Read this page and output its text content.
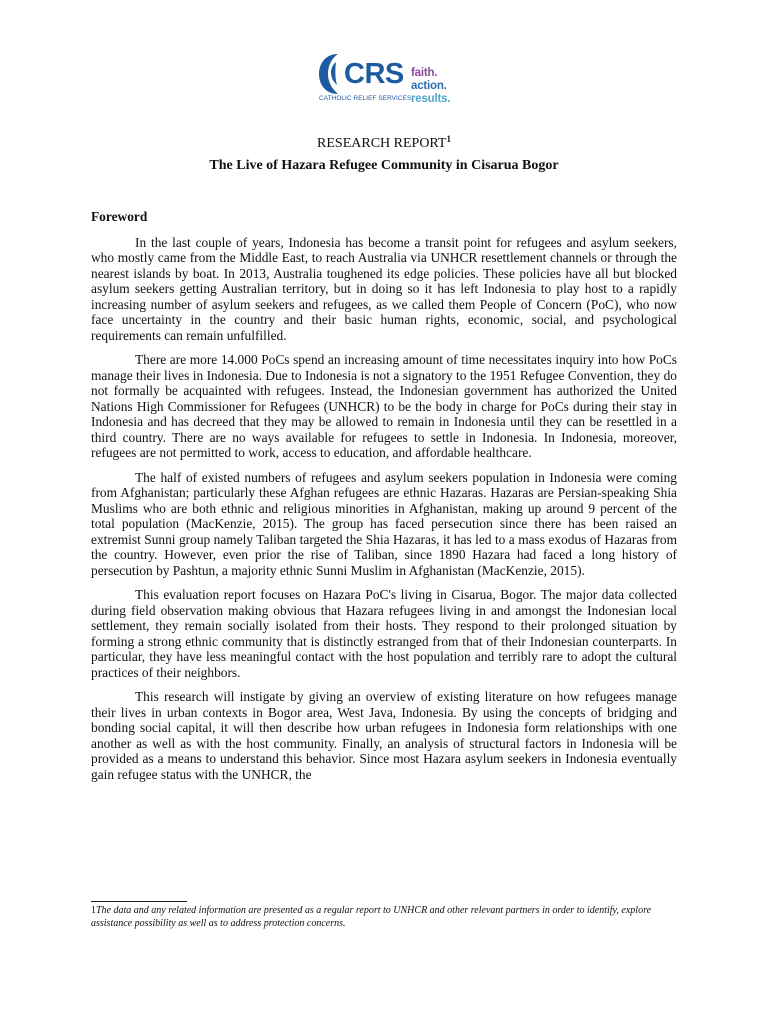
CRS
CATHOLIC RELIEF SERVICES
faith.
action.
results.
RESEARCH REPORT$^1$
The Live of Hazara Refugee Community in Cisarua Bogor
Foreword

In the last couple of years, Indonesia has become a transit point for refugees and asylum seekers, who mostly came from the Middle East, to reach Australia via UNHCR resettlement channels or through the nearest islands by boat. In 2013, Australia toughened its edge policies. These policies have all but blocked asylum seekers getting Australian territory, but in doing so it has left Indonesia to play host to a rapidly increasing number of asylum seekers and refugees, as we called them People of Concern (PoC), who now face uncertainty in the country and their basic human rights, economic, social, and psychological requirements can remain unfulfilled.

There are more 14.000 PoCs spend an increasing amount of time necessitates inquiry into how PoCs manage their lives in Indonesia. Due to Indonesia is not a signatory to the 1951 Refugee Convention, they do not formally be acquainted with refugees. Instead, the Indonesian government has authorized the United Nations High Commissioner for Refugees (UNHCR) to be the body in charge for PoCs during their stay in Indonesia and has decreed that they may be allowed to remain in Indonesia until they can be resettled in a third country. There are no ways available for refugees to settle in Indonesia. In Indonesia, moreover, refugees are not permitted to work, access to education, and affordable healthcare.

The half of existed numbers of refugees and asylum seekers population in Indonesia were coming from Afghanistan; particularly these Afghan refugees are ethnic Hazaras. Hazaras are Persian-speaking Shia Muslims who are both ethnic and religious minorities in Afghanistan, making up around 9 percent of the total population (MacKenzie, 2015). The group has faced persecution since there has been raised an extremist Sunni group namely Taliban targeted the Shia Hazaras, it has led to a mass exodus of Hazaras from the country. However, even prior the rise of Taliban, since 1890 Hazara had faced a long history of persecution by Pashtun, a majority ethnic Sunni Muslim in Afghanistan (MacKenzie, 2015).

This evaluation report focuses on Hazara PoC's living in Cisarua, Bogor. The major data collected during field observation making obvious that Hazara refugees living in and amongst the Indonesian local settlement, they remain socially isolated from their hosts. They respond to their prolonged situation by forming a strong ethnic community that is distinctly estranged from that of their Indonesian counterparts. In particular, they have less meaningful contact with the host population and terribly rare to adopt the cultural practices of their neighbors.

This research will instigate by giving an overview of existing literature on how refugees manage their lives in urban contexts in Bogor area, West Java, Indonesia. By using the concepts of bridging and bonding social capital, it will then describe how urban refugees in Indonesia form relationships with one another as well as with the host community. Finally, an analysis of structural factors in Indonesia will be provided as a means to understand this behavior. Since most Hazara asylum seekers in Indonesia eventually gain refugee status with the UNHCR, the

1The data and any related information are presented as a regular report to UNHCR and other relevant partners in order to identify, explore assistance possibility as well as to address protection concerns.
